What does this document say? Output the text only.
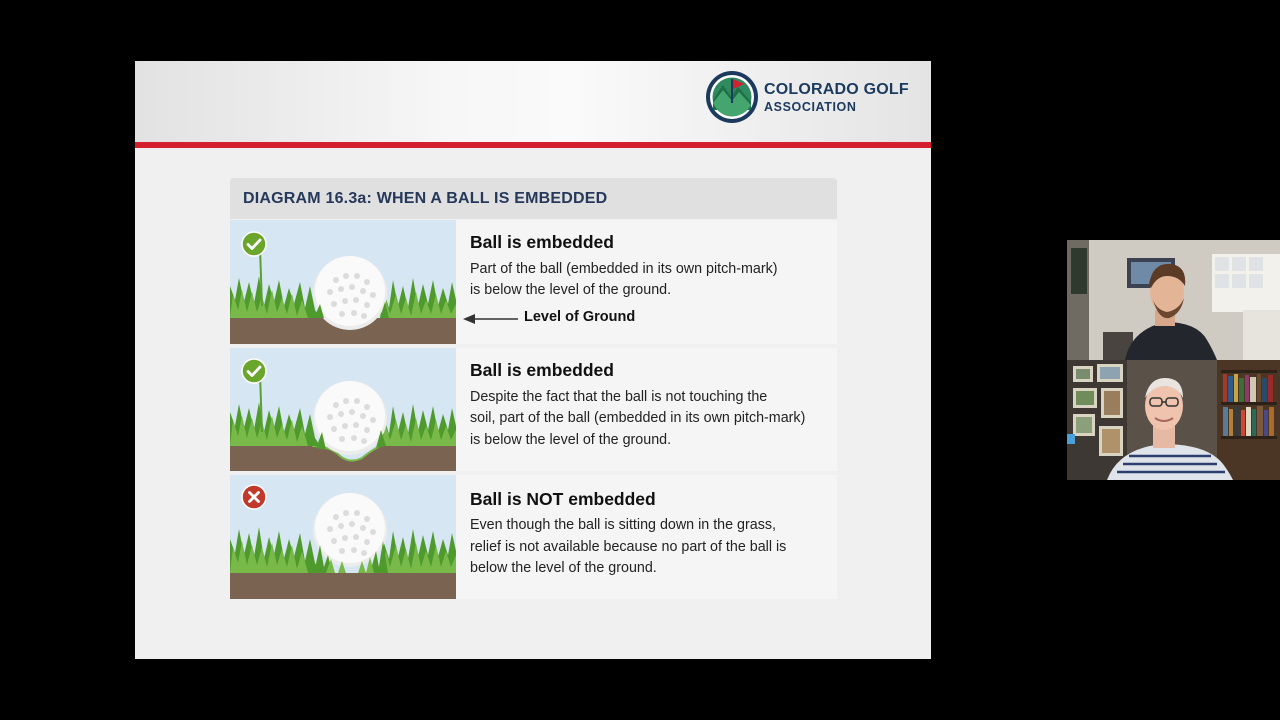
COLORADO GOLF
ASSOCIATION
DIAGRAM 16.3a: WHEN A BALL IS EMBEDDED
Ball is embedded
Part of the ball (embedded in its own pitch-mark)
is below the level of the ground.
Level of Ground
Ball is embedded
Despite the fact that the ball is not touching the
soil, part of the ball (embedded in its own pitch-mark)
is below the level of the ground.
Ball is NOT embedded
Even though the ball is sitting down in the grass,
relief is not available because no part of the ball is
below the level of the ground.
